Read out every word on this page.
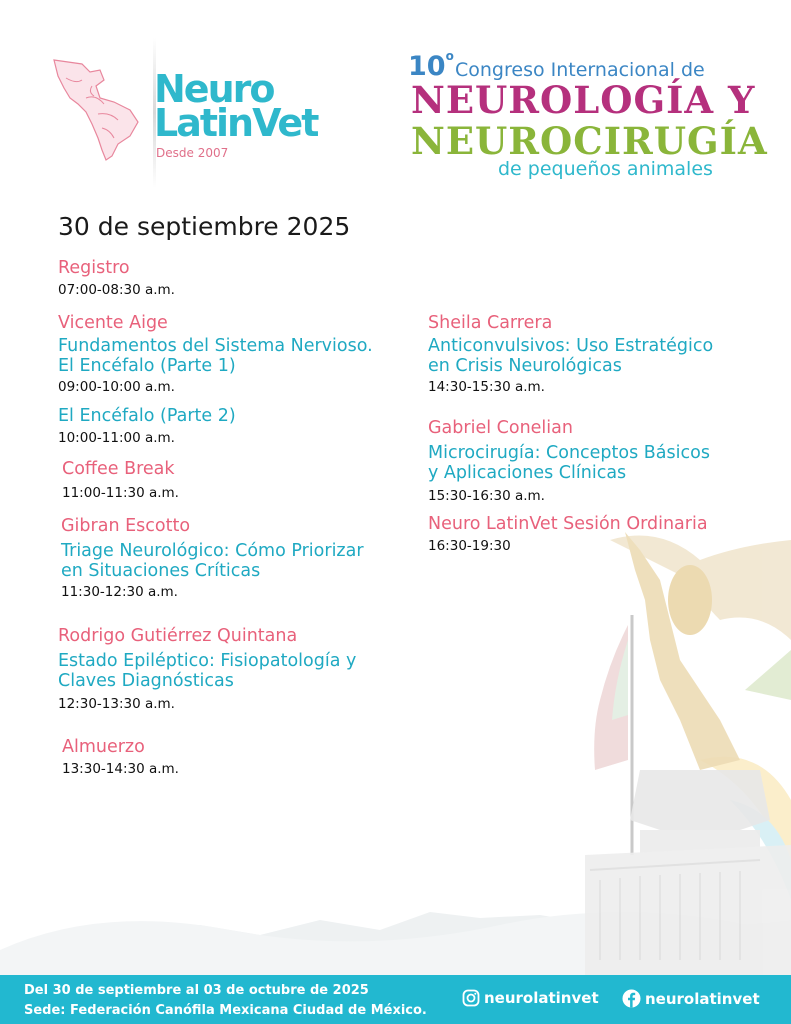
Neuro
LatinVet
Desde 2007
10$^o$
Congreso Internacional de
NEUROLOGÍA Y
NEUROCIRUGÍA
de pequeños animales
30 de septiembre 2025
Registro
07:00-08:30 a.m.
Vicente Aige
Fundamentos del Sistema Nervioso.
El Encéfalo (Parte 1)
09:00-10:00 a.m.
El Encéfalo (Parte 2)
10:00-11:00 a.m.
Coffee Break
11:00-11:30 a.m.
Gibran Escotto
Triage Neurológico: Cómo Priorizar
en Situaciones Críticas
11:30-12:30 a.m.
Rodrigo Gutiérrez Quintana
Estado Epiléptico: Fisiopatología y
Claves Diagnósticas
12:30-13:30 a.m.
Almuerzo
13:30-14:30 a.m.
Sheila Carrera
Anticonvulsivos: Uso Estratégico
en Crisis Neurológicas
14:30-15:30 a.m.
Gabriel Conelian
Microcirugía: Conceptos Básicos
y Aplicaciones Clínicas
15:30-16:30 a.m.
Neuro LatinVet Sesión Ordinaria
16:30-19:30
Del 30 de septiembre al 03 de octubre de 2025
Sede: Federación Canófila Mexicana Ciudad de México.
neurolatinvet	neurolatinvet
